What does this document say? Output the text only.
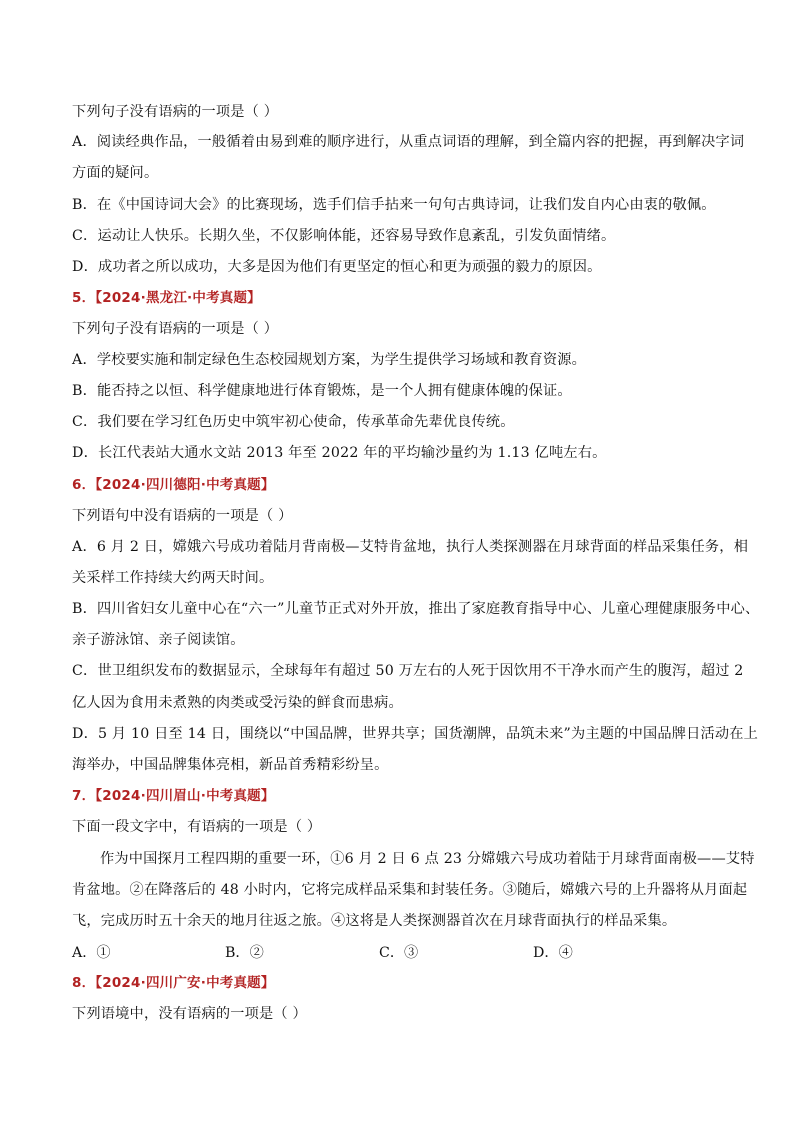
下列句子没有语病的一项是（ ）
A．阅读经典作品，一般循着由易到难的顺序进行，从重点词语的理解，到全篇内容的把握，再到解决字词
方面的疑问。
B．在《中国诗词大会》的比赛现场，选手们信手拈来一句句古典诗词，让我们发自内心由衷的敬佩。
C．运动让人快乐。长期久坐，不仅影响体能，还容易导致作息紊乱，引发负面情绪。
D．成功者之所以成功，大多是因为他们有更坚定的恒心和更为顽强的毅力的原因。
5．【2024·黑龙江·中考真题】
下列句子没有语病的一项是（ ）
A．学校要实施和制定绿色生态校园规划方案，为学生提供学习场域和教育资源。
B．能否持之以恒、科学健康地进行体育锻炼，是一个人拥有健康体魄的保证。
C．我们要在学习红色历史中筑牢初心使命，传承革命先辈优良传统。
D．长江代表站大通水文站 2013 年至 2022 年的平均输沙量约为 1.13 亿吨左右。
6．【2024·四川德阳·中考真题】
下列语句中没有语病的一项是（ ）
A．6 月 2 日，嫦娥六号成功着陆月背南极—艾特肯盆地，执行人类探测器在月球背面的样品采集任务，相
关采样工作持续大约两天时间。
B．四川省妇女儿童中心在“六一”儿童节正式对外开放，推出了家庭教育指导中心、儿童心理健康服务中心、
亲子游泳馆、亲子阅读馆。
C．世卫组织发布的数据显示，全球每年有超过 50 万左右的人死于因饮用不干净水而产生的腹泻，超过 2
亿人因为食用未煮熟的肉类或受污染的鲜食而患病。
D．5 月 10 日至 14 日，围绕以“中国品牌，世界共享；国货潮牌，品筑未来”为主题的中国品牌日活动在上
海举办，中国品牌集体亮相，新品首秀精彩纷呈。
7．【2024·四川眉山·中考真题】
下面一段文字中，有语病的一项是（ ）
作为中国探月工程四期的重要一环，①6 月 2 日 6 点 23 分嫦娥六号成功着陆于月球背面南极——艾特
肯盆地。②在降落后的 48 小时内，它将完成样品采集和封装任务。③随后，嫦娥六号的上升器将从月面起
飞，完成历时五十余天的地月往返之旅。④这将是人类探测器首次在月球背面执行的样品采集。
A．①	B．②	C．③	D．④
8．【2024·四川广安·中考真题】
下列语境中，没有语病的一项是（ ）
